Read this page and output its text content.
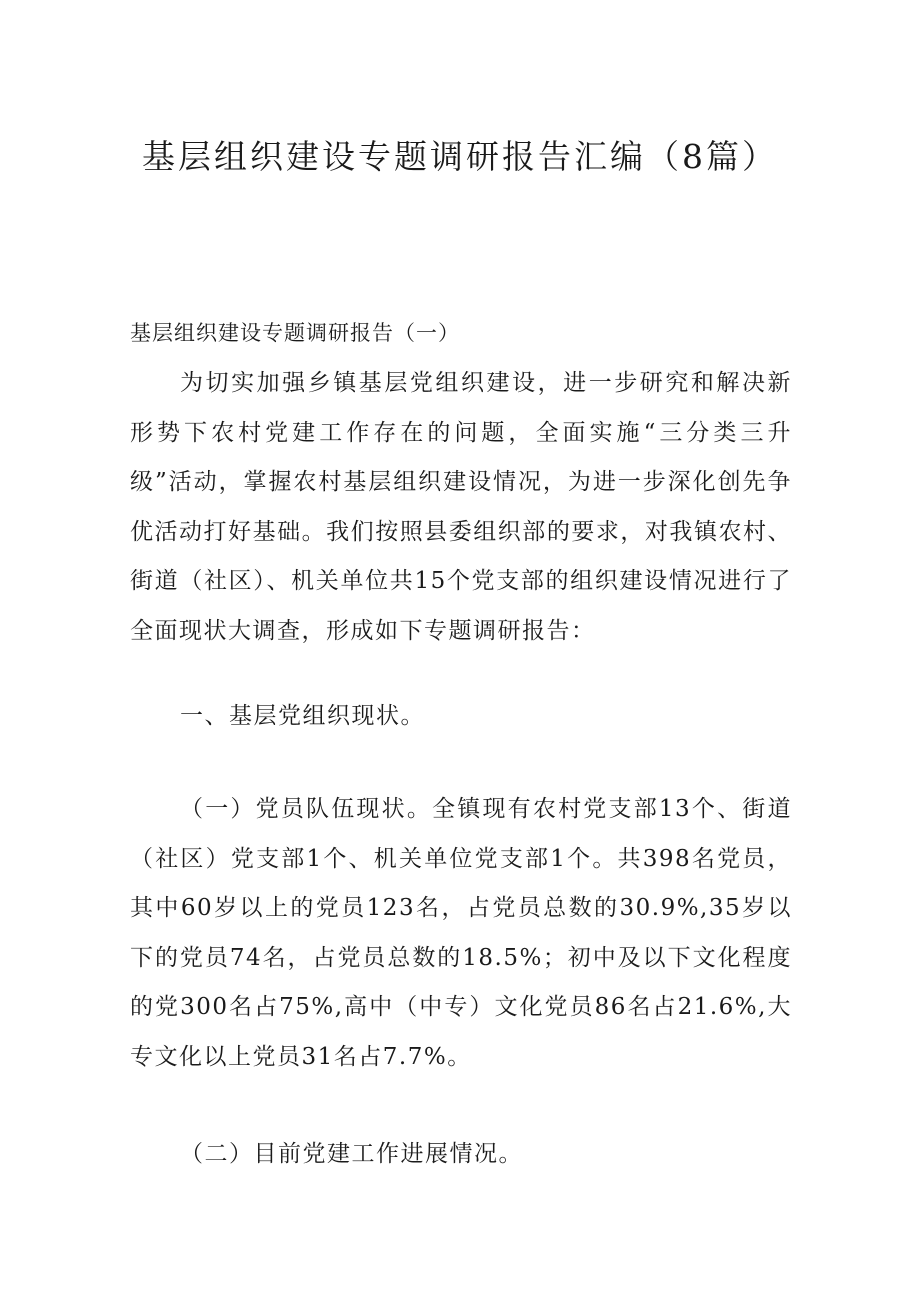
基层组织建设专题调研报告汇编（8篇）

基层组织建设专题调研报告（一）

为切实加强乡镇基层党组织建设，进一步研究和解决新形势下农村党建工作存在的问题，全面实施“三分类三升级”活动，掌握农村基层组织建设情况，为进一步深化创先争优活动打好基础。我们按照县委组织部的要求，对我镇农村、街道（社区）、机关单位共15个党支部的组织建设情况进行了全面现状大调查，形成如下专题调研报告：

一、基层党组织现状。

（一）党员队伍现状。全镇现有农村党支部13个、街道（社区）党支部1个、机关单位党支部1个。共398名党员，其中60岁以上的党员123名，占党员总数的30.9%,35岁以下的党员74名，占党员总数的18.5%；初中及以下文化程度的党300名占75%,高中（中专）文化党员86名占21.6%,大专文化以上党员31名占7.7%。

（二）目前党建工作进展情况。
